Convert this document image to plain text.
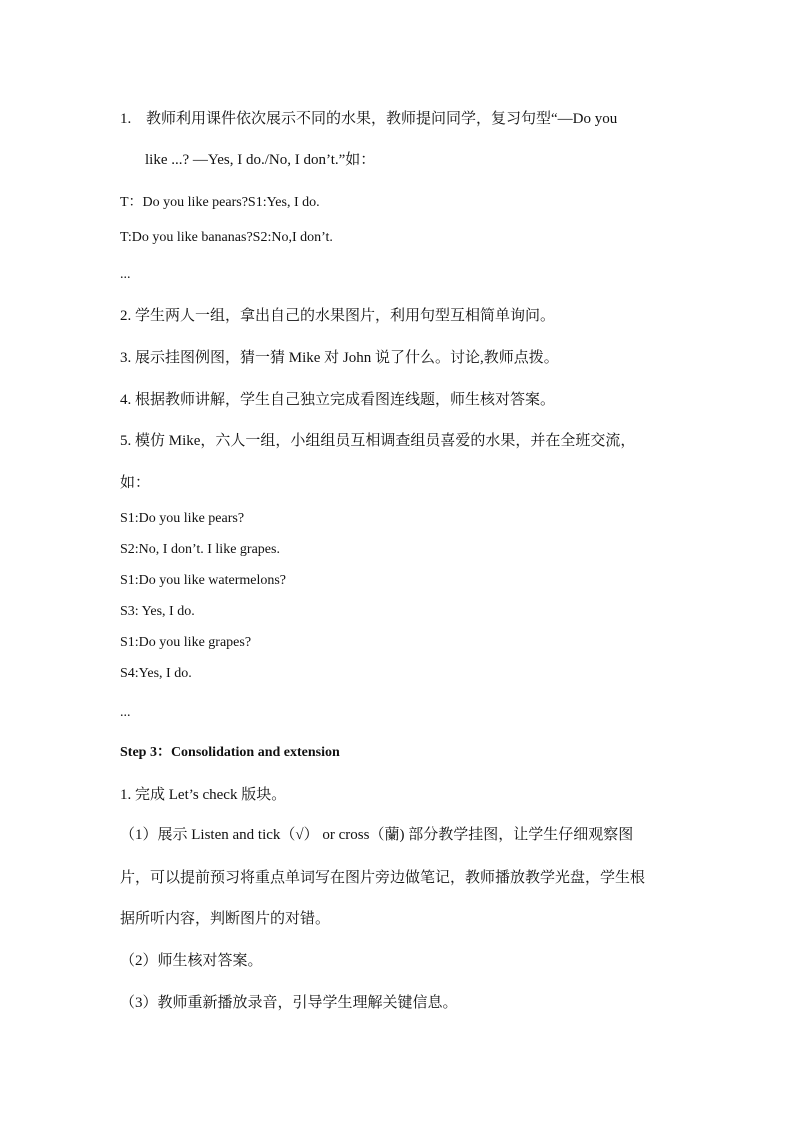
1. 教师利用课件依次展示不同的水果，教师提问同学，复习句型“—Do you
like ...? —Yes, I do./No, I don’t.”如：
T：Do you like pears?S1:Yes, I do.
T:Do you like bananas?S2:No,I don’t.
...
2. 学生两人一组，拿出自己的水果图片，利用句型互相简单询问。
3. 展示挂图例图，猜一猜 Mike 对 John 说了什么。讨论,教师点拨。
4. 根据教师讲解，学生自己独立完成看图连线题，师生核对答案。
5. 模仿 Mike，六人一组，小组组员互相调查组员喜爱的水果，并在全班交流，
如：
S1:Do you like pears?
S2:No, I don’t. I like grapes.
S1:Do you like watermelons?
S3: Yes, I do.
S1:Do you like grapes?
S4:Yes, I do.
...
Step 3：Consolidation and extension
1. 完成 Let’s check 版块。
（1）展示 Listen and tick（√） or cross（蘭) 部分教学挂图，让学生仔细观察图
片，可以提前预习将重点单词写在图片旁边做笔记，教师播放教学光盘，学生根
据所听内容，判断图片的对错。
（2）师生核对答案。
（3）教师重新播放录音，引导学生理解关键信息。
